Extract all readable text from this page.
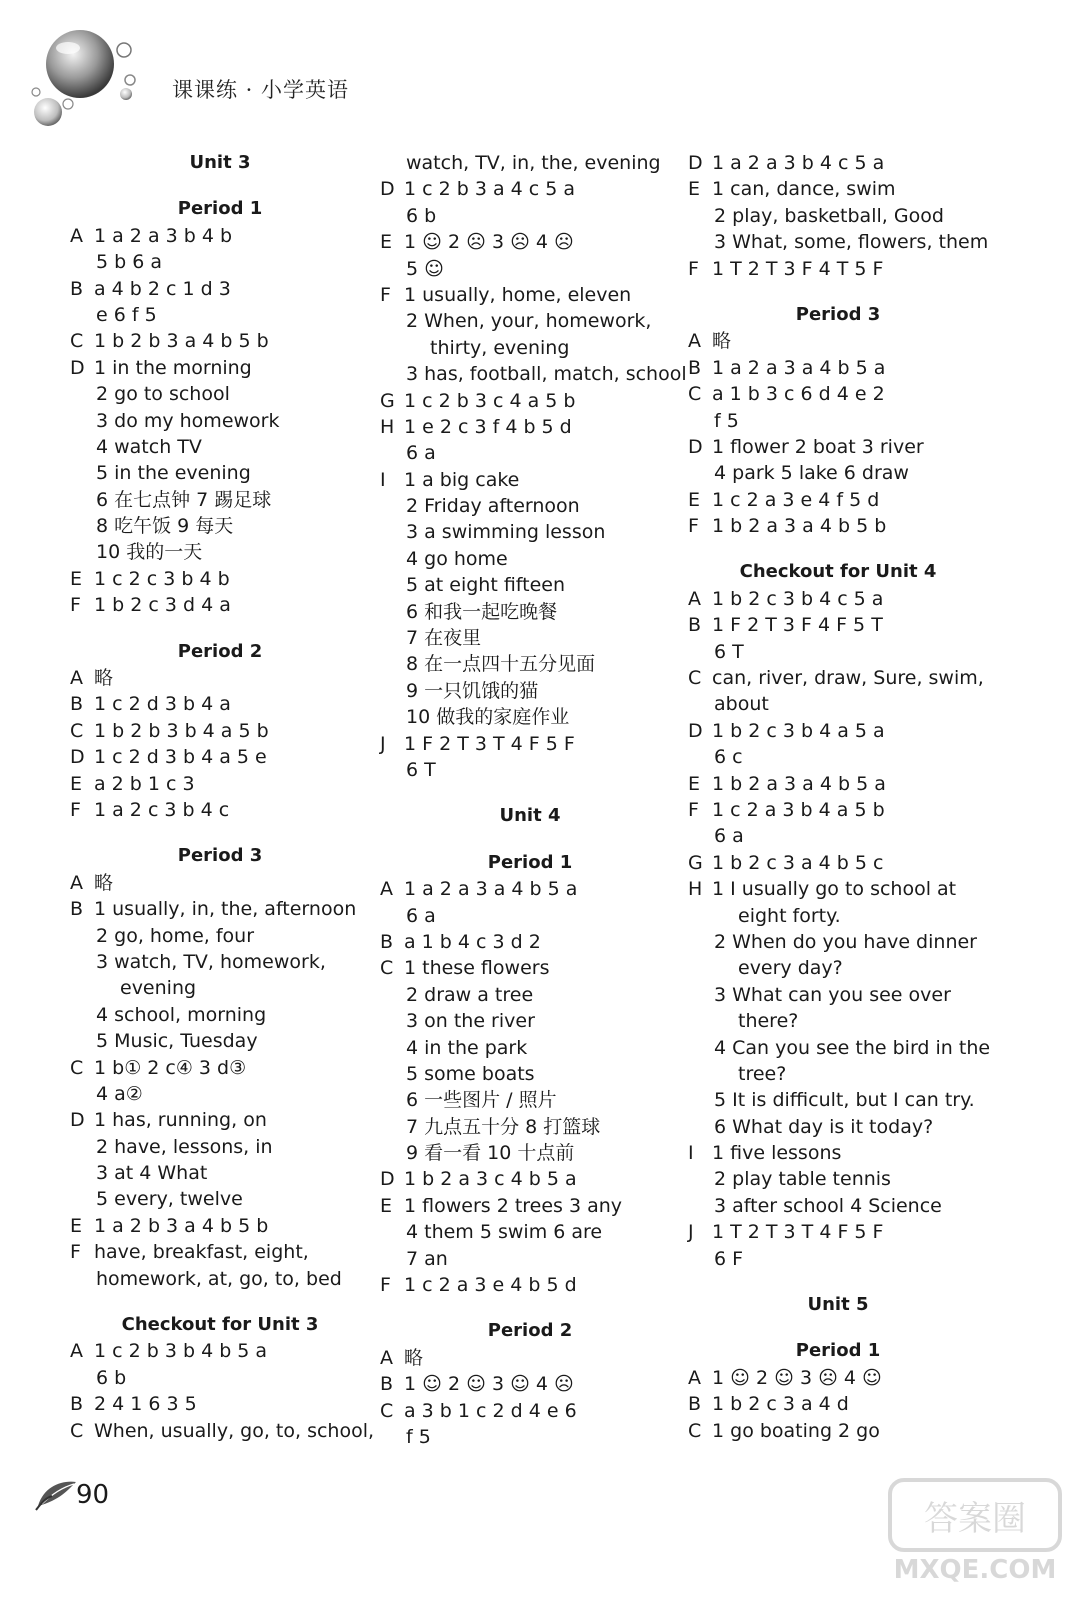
课课练 · 小学英语
Unit 3
Period 1
A 1 a 2 a 3 b 4 b
5 b 6 a
B a 4 b 2 c 1 d 3
e 6 f 5
C 1 b 2 b 3 a 4 b 5 b
D 1 in the morning
2 go to school
3 do my homework
4 watch TV
5 in the evening
6 在七点钟 7 踢足球
8 吃午饭 9 每天
10 我的一天
E 1 c 2 c 3 b 4 b
F 1 b 2 c 3 d 4 a
Period 2
A 略
B 1 c 2 d 3 b 4 a
C 1 b 2 b 3 b 4 a 5 b
D 1 c 2 d 3 b 4 a 5 e
E a 2 b 1 c 3
F 1 a 2 c 3 b 4 c
Period 3
A 略
B 1 usually, in, the, afternoon
2 go, home, four
3 watch, TV, homework,
evening
4 school, morning
5 Music, Tuesday
C 1 b① 2 c④ 3 d③
4 a②
D 1 has, running, on
2 have, lessons, in
3 at 4 What
5 every, twelve
E 1 a 2 b 3 a 4 b 5 b
F have, breakfast, eight,
homework, at, go, to, bed
Checkout for Unit 3
A 1 c 2 b 3 b 4 b 5 a
6 b
B 2 4 1 6 3 5
C When, usually, go, to, school,
watch, TV, in, the, evening
D 1 c 2 b 3 a 4 c 5 a
6 b
E 1 ☺ 2 ☹ 3 ☹ 4 ☹
5 ☺
F 1 usually, home, eleven
2 When, your, homework,
thirty, evening
3 has, football, match, school
G 1 c 2 b 3 c 4 a 5 b
H 1 e 2 c 3 f 4 b 5 d
6 a
I 1 a big cake
2 Friday afternoon
3 a swimming lesson
4 go home
5 at eight fifteen
6 和我一起吃晚餐
7 在夜里
8 在一点四十五分见面
9 一只饥饿的猫
10 做我的家庭作业
J 1 F 2 T 3 T 4 F 5 F
6 T
Unit 4
Period 1
A 1 a 2 a 3 a 4 b 5 a
6 a
B a 1 b 4 c 3 d 2
C 1 these flowers
2 draw a tree
3 on the river
4 in the park
5 some boats
6 一些图片 / 照片
7 九点五十分 8 打篮球
9 看一看 10 十点前
D 1 b 2 a 3 c 4 b 5 a
E 1 flowers 2 trees 3 any
4 them 5 swim 6 are
7 an
F 1 c 2 a 3 e 4 b 5 d
Period 2
A 略
B 1 ☺ 2 ☺ 3 ☺ 4 ☹
C a 3 b 1 c 2 d 4 e 6
f 5
D 1 a 2 a 3 b 4 c 5 a
E 1 can, dance, swim
2 play, basketball, Good
3 What, some, flowers, them
F 1 T 2 T 3 F 4 T 5 F
Period 3
A 略
B 1 a 2 a 3 a 4 b 5 a
C a 1 b 3 c 6 d 4 e 2
f 5
D 1 flower 2 boat 3 river
4 park 5 lake 6 draw
E 1 c 2 a 3 e 4 f 5 d
F 1 b 2 a 3 a 4 b 5 b
Checkout for Unit 4
A 1 b 2 c 3 b 4 c 5 a
B 1 F 2 T 3 F 4 F 5 T
6 T
C can, river, draw, Sure, swim,
about
D 1 b 2 c 3 b 4 a 5 a
6 c
E 1 b 2 a 3 a 4 b 5 a
F 1 c 2 a 3 b 4 a 5 b
6 a
G 1 b 2 c 3 a 4 b 5 c
H 1 I usually go to school at
eight forty.
2 When do you have dinner
every day?
3 What can you see over
there?
4 Can you see the bird in the
tree?
5 It is difficult, but I can try.
6 What day is it today?
I 1 five lessons
2 play table tennis
3 after school 4 Science
J 1 T 2 T 3 T 4 F 5 F
6 F
Unit 5
Period 1
A 1 ☺ 2 ☺ 3 ☹ 4 ☺
B 1 b 2 c 3 a 4 d
C 1 go boating 2 go
90
答案圈
MXQE.COM
